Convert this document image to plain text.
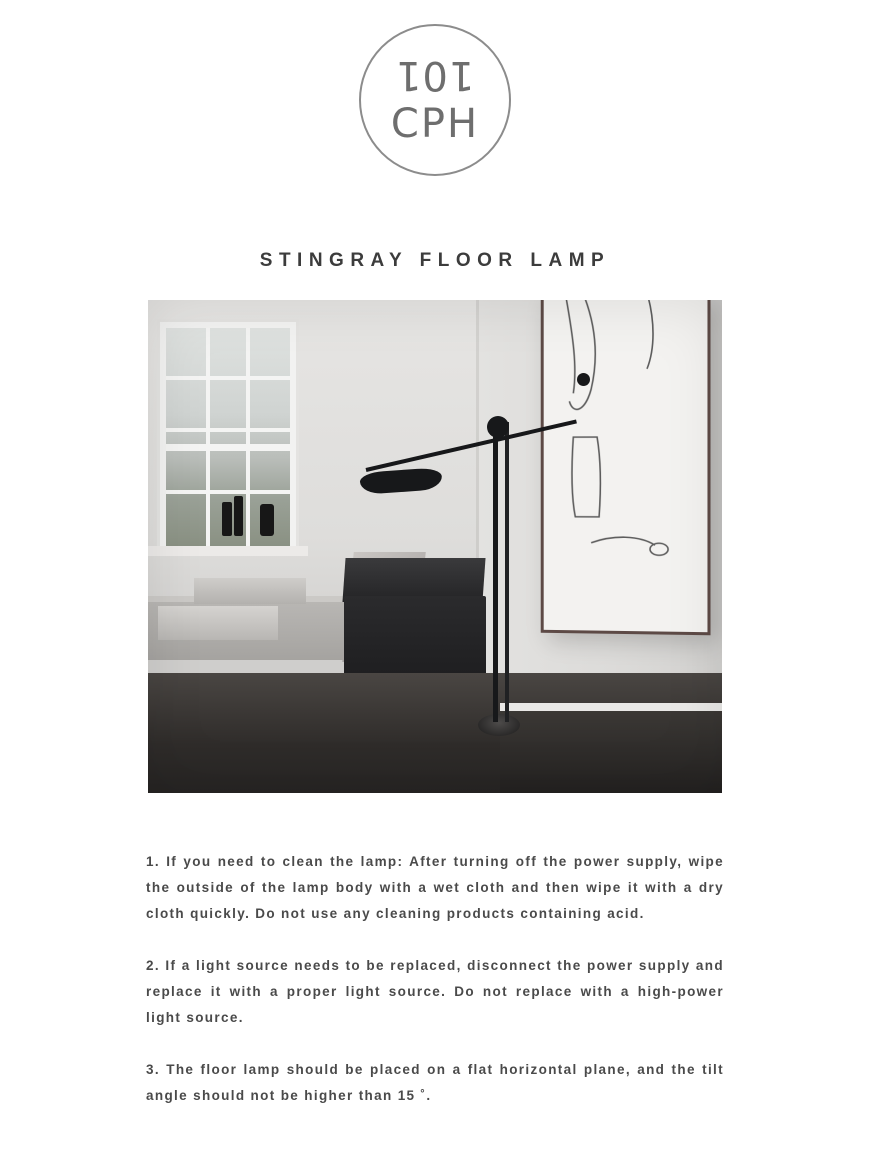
101
CPH
STINGRAY FLOOR LAMP

1. If you need to clean the lamp: After turning off the power supply, wipe the outside of the lamp body with a wet cloth and then wipe it with a dry cloth quickly. Do not use any cleaning products containing acid.

2. If a light source needs to be replaced, disconnect the power supply and replace it with a proper light source. Do not replace with a high-power light source.

3. The floor lamp should be placed on a flat horizontal plane, and the tilt angle should not be higher than 15 ˚.
